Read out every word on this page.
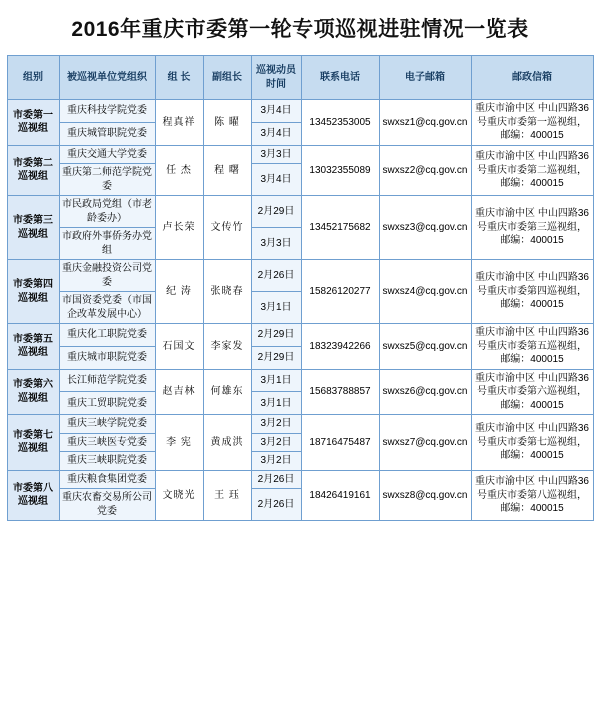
2016年重庆市委第一轮专项巡视进驻情况一览表
组别	被巡视单位党组织	组 长	副组长	巡视动员时间	联系电话	电子邮箱	邮政信箱
市委第一巡视组	重庆科技学院党委	程真祥	陈 曜	3月4日	13452353005	swxsz1@cq.gov.cn	重庆市渝中区 中山四路36号重庆市委第一巡视组，邮编：400015
	重庆城管职院党委			3月4日			
市委第二巡视组	重庆交通大学党委	任 杰	程 曙	3月3日	13032355089	swxsz2@cq.gov.cn	重庆市渝中区 中山四路36号重庆市委第二巡视组，邮编：400015
	重庆第二师范学院党委			3月4日			
市委第三巡视组	市民政局党组（市老龄委办）	卢长荣	文传竹	2月29日	13452175682	swxsz3@cq.gov.cn	重庆市渝中区 中山四路36号重庆市委第三巡视组，邮编：400015
	市政府外事侨务办党组			3月3日			
市委第四巡视组	重庆金融投资公司党委	纪 涛	张晓春	2月26日	15826120277	swxsz4@cq.gov.cn	重庆市渝中区 中山四路36号重庆市委第四巡视组，邮编：400015
	市国资委党委（市国企改革发展中心）			3月1日			
市委第五巡视组	重庆化工职院党委	石国文	李家发	2月29日	18323942266	swxsz5@cq.gov.cn	重庆市渝中区 中山四路36号重庆市委第五巡视组，邮编：400015
	重庆城市职院党委			2月29日			
市委第六巡视组	长江师范学院党委	赵吉林	何雄东	3月1日	15683788857	swxsz6@cq.gov.cn	重庆市渝中区 中山四路36号重庆市委第六巡视组，邮编：400015
	重庆工贸职院党委			3月1日			
市委第七巡视组	重庆三峡学院党委	李 宪	黄成洪	3月2日	18716475487	swxsz7@cq.gov.cn	重庆市渝中区 中山四路36号重庆市委第七巡视组，邮编：400015
	重庆三峡医专党委			3月2日			
	重庆三峡职院党委			3月2日			
市委第八巡视组	重庆粮食集团党委	文晓光	王 珏	2月26日	18426419161	swxsz8@cq.gov.cn	重庆市渝中区 中山四路36号重庆市委第八巡视组，邮编：400015
	重庆农畜交易所公司党委			2月26日			
